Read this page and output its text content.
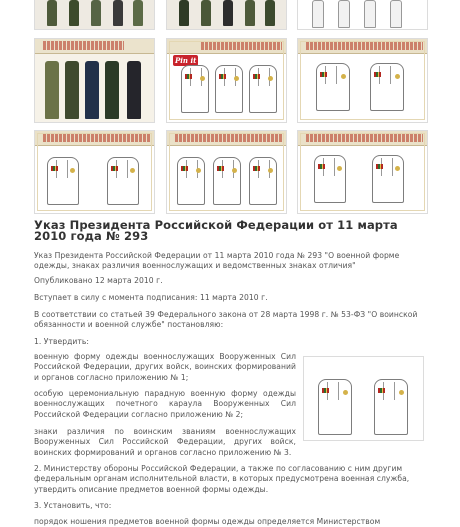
Pin it
Указ Президента Российской Федерации от 11 марта 2010 года № 293

Указ Президента Российской Федерации от 11 марта 2010 года № 293 "О военной форме одежды, знаках различия военнослужащих и ведомственных знаках отличия"

Опубликовано 12 марта 2010 г.

Вступает в силу с момента подписания: 11 марта 2010 г.

В соответствии со статьей 39 Федерального закона от 28 марта 1998 г. № 53-ФЗ "О воинской обязанности и военной службе" постановляю:

1. Утвердить:

военную форму одежды военнослужащих Вооруженных Сил Российской Федерации, других войск, воинских формирований и органов согласно приложению № 1;

особую церемониальную парадную военную форму одежды военнослужащих почетного караула Вооруженных Сил Российской Федерации согласно приложению № 2;

знаки различия по воинским званиям военнослужащих Вооруженных Сил Российской Федерации, других войск, воинских формирований и органов согласно приложению № 3.

2. Министерству обороны Российской Федерации, а также по согласованию с ним другим федеральным органам исполнительной власти, в которых предусмотрена военная служба, утвердить описание предметов военной формы одежды.

3. Установить, что:

порядок ношения предметов военной формы одежды определяется Министерством
